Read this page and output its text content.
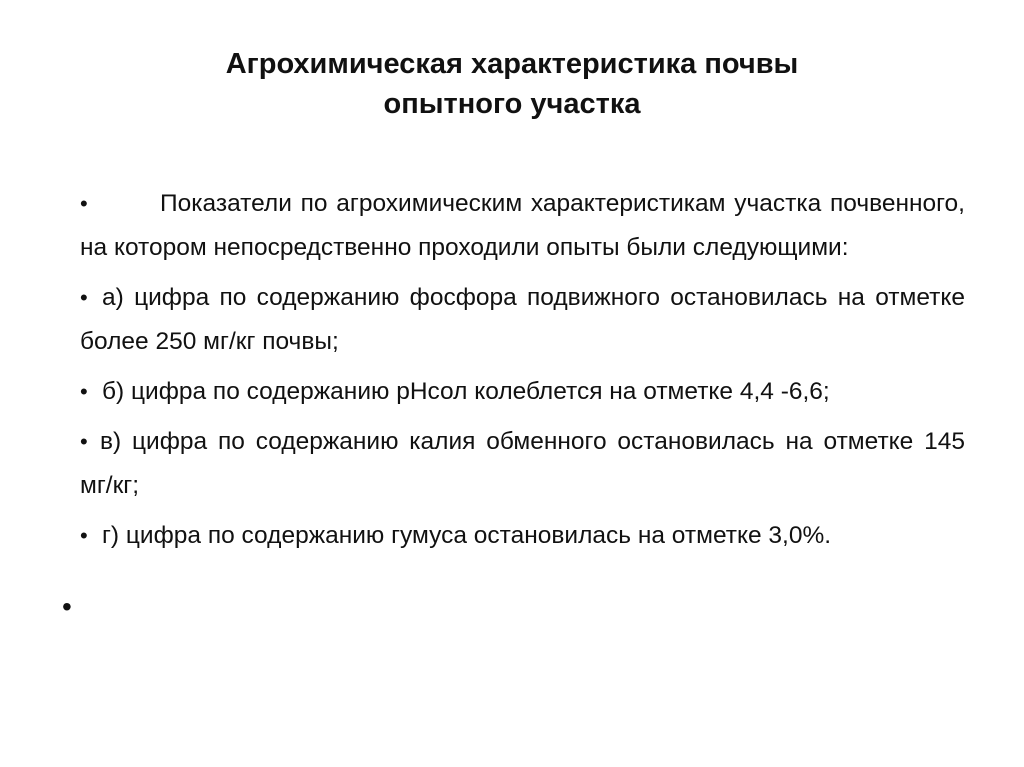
Агрохимическая характеристика почвы
опытного участка

•	Показатели по агрохимическим характеристикам участка почвенного, на котором непосредственно проходили опыты были следующими:

• а) цифра по содержанию фосфора подвижного остановилась на отметке более 250 мг/кг почвы;

• б) цифра по содержанию рНсол колеблется на отметке 4,4 -6,6;

• в) цифра по содержанию калия обменного остановилась на отметке 145 мг/кг;

• г) цифра по содержанию гумуса остановилась на отметке 3,0%.

•
